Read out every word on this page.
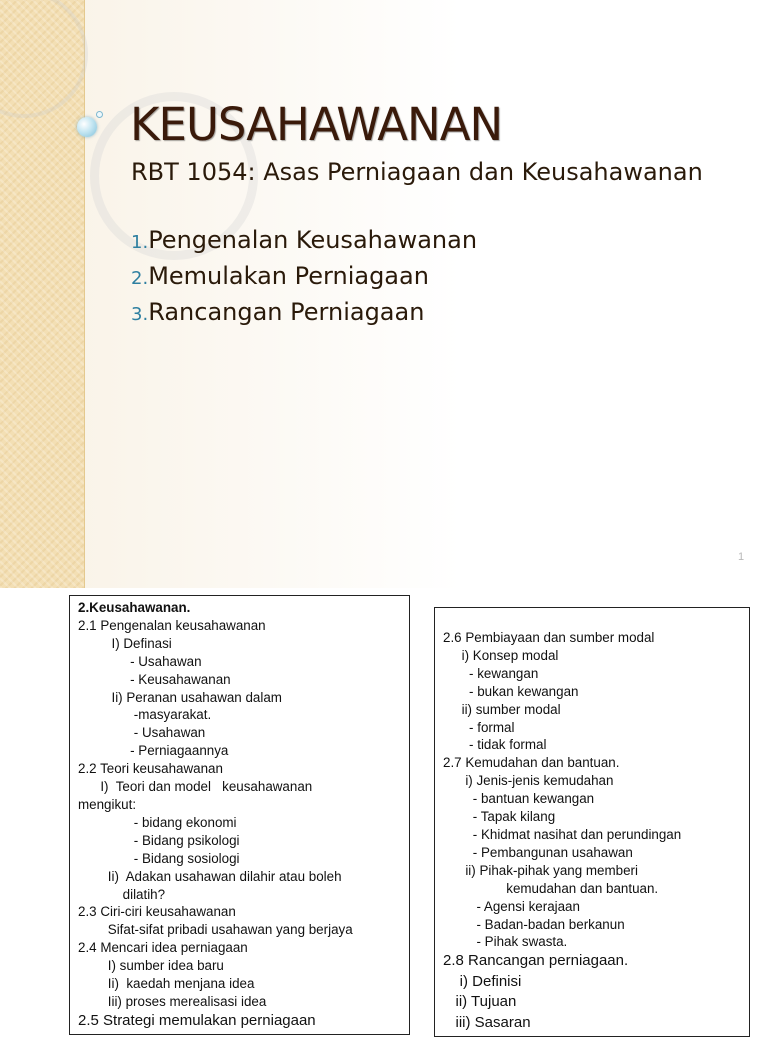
KEUSAHAWANAN
RBT 1054: Asas Perniagaan dan Keusahawanan
1.Pengenalan Keusahawanan
2.Memulakan Perniagaan
3.Rancangan Perniagaan
1
2.Keusahawanan.
2.1 Pengenalan keusahawanan
I) Definasi
- Usahawan
- Keusahawanan
Ii) Peranan usahawan dalam
-masyarakat.
- Usahawan
- Perniagaannya
2.2 Teori keusahawanan
I)  Teori dan model   keusahawanan
mengikut:
- bidang ekonomi
- Bidang psikologi
- Bidang sosiologi
Ii)  Adakan usahawan dilahir atau boleh
dilatih?
2.3 Ciri-ciri keusahawanan
Sifat-sifat pribadi usahawan yang berjaya
2.4 Mencari idea perniagaan
I) sumber idea baru
Ii)  kaedah menjana idea
Iii) proses merealisasi idea
2.5 Strategi memulakan perniagaan
2.6 Pembiayaan dan sumber modal
i) Konsep modal
- kewangan
- bukan kewangan
ii) sumber modal
- formal
- tidak formal
2.7 Kemudahan dan bantuan.
i) Jenis-jenis kemudahan
- bantuan kewangan
- Tapak kilang
- Khidmat nasihat dan perundingan
- Pembangunan usahawan
ii) Pihak-pihak yang memberi
kemudahan dan bantuan.
- Agensi kerajaan
- Badan-badan berkanun
- Pihak swasta.
2.8 Rancangan perniagaan.
i) Definisi
ii) Tujuan
iii) Sasaran
